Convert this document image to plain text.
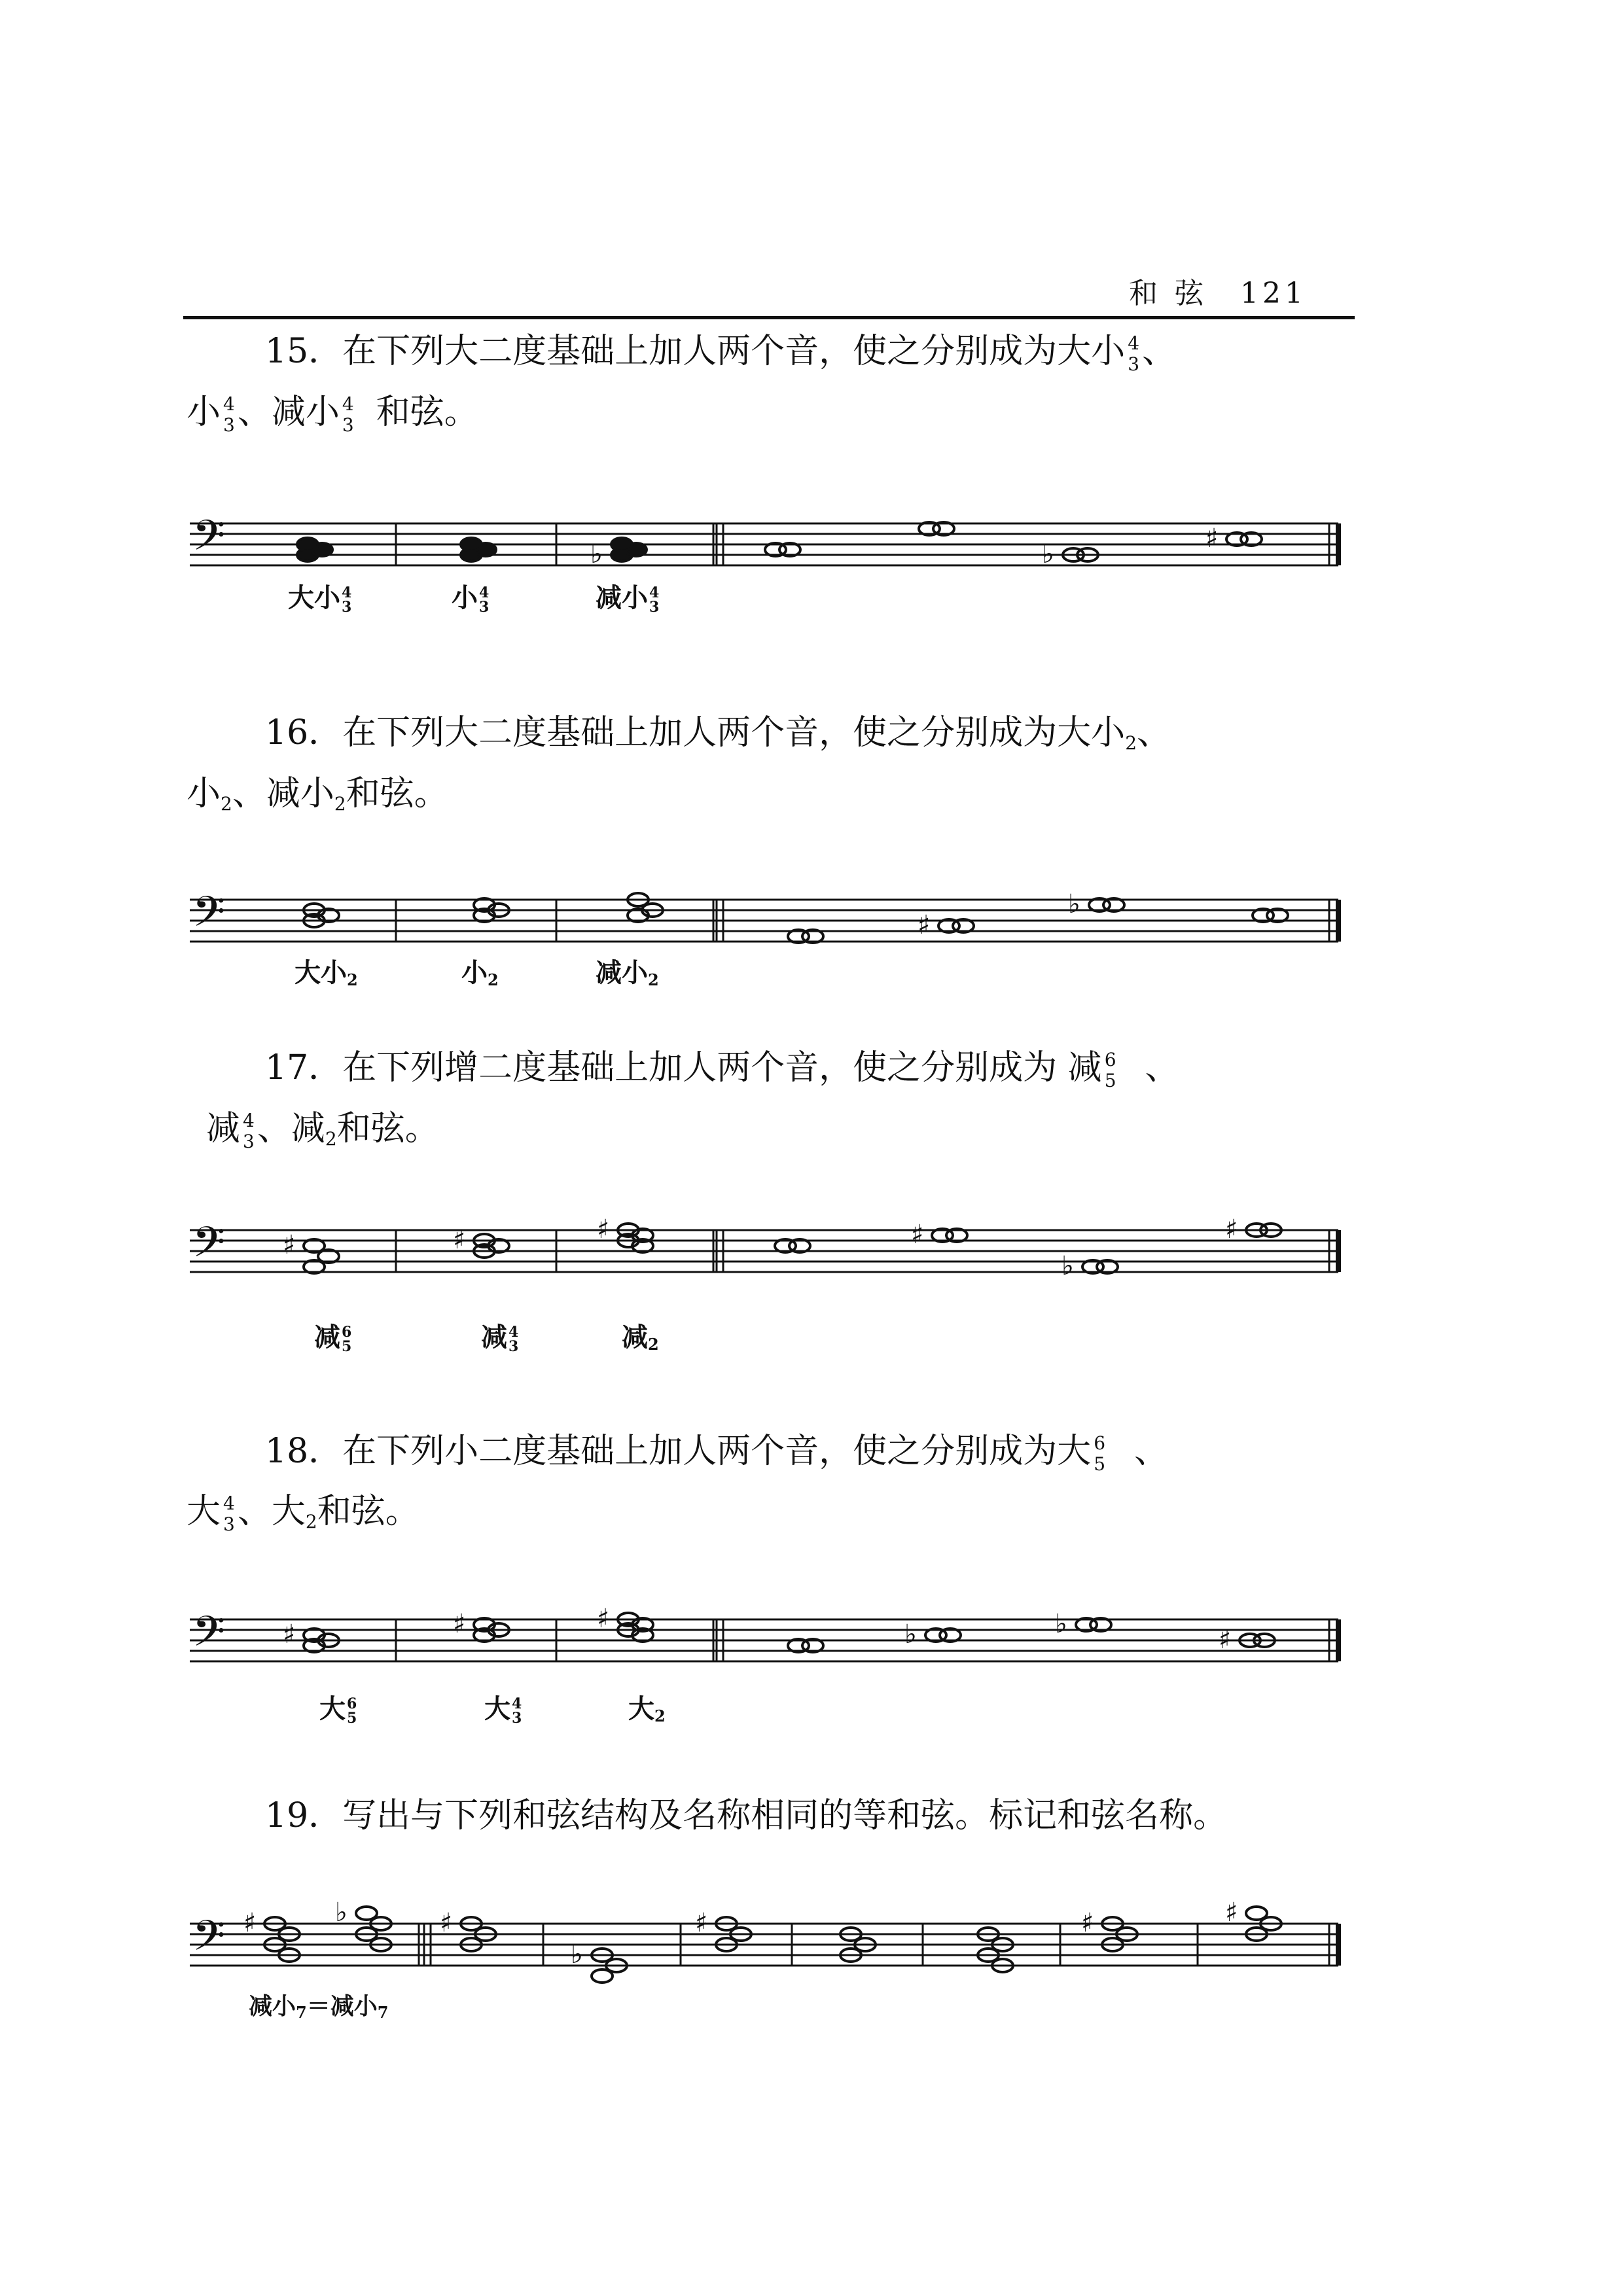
和 弦 121
15．在下列大二度基础上加人两个音，使之分别成为大小 4
3 、
小 4
3 、减小 4
3 和弦。
𝄢	♭	♭
♯
大小 4
3	小 4
3	减小 4
3
16．在下列大二度基础上加人两个音，使之分别成为大小$_2$、
小$_2$、减小$_2$和弦。
𝄢	♯
♭
大小2	小2	减小2
17．在下列增二度基础上加人两个音，使之分别成为 减 6
5 、
减 4
3 、减$_2$和弦。
𝄢 ♯	♯	♯	♯
♭
♯
减 6
5	减 4
3	减2
18．在下列小二度基础上加人两个音，使之分别成为大 6
5 、
大 4
3 、大$_2$和弦。
𝄢 ♯	♯	♯
♭	♭
♯
大 6
5	大 4
3	大2
19．写出与下列和弦结构及名称相同的等和弦。标记和弦名称。
𝄢 ♯	♭	♯
♭
♯	♯	♯
减小7＝减小7
